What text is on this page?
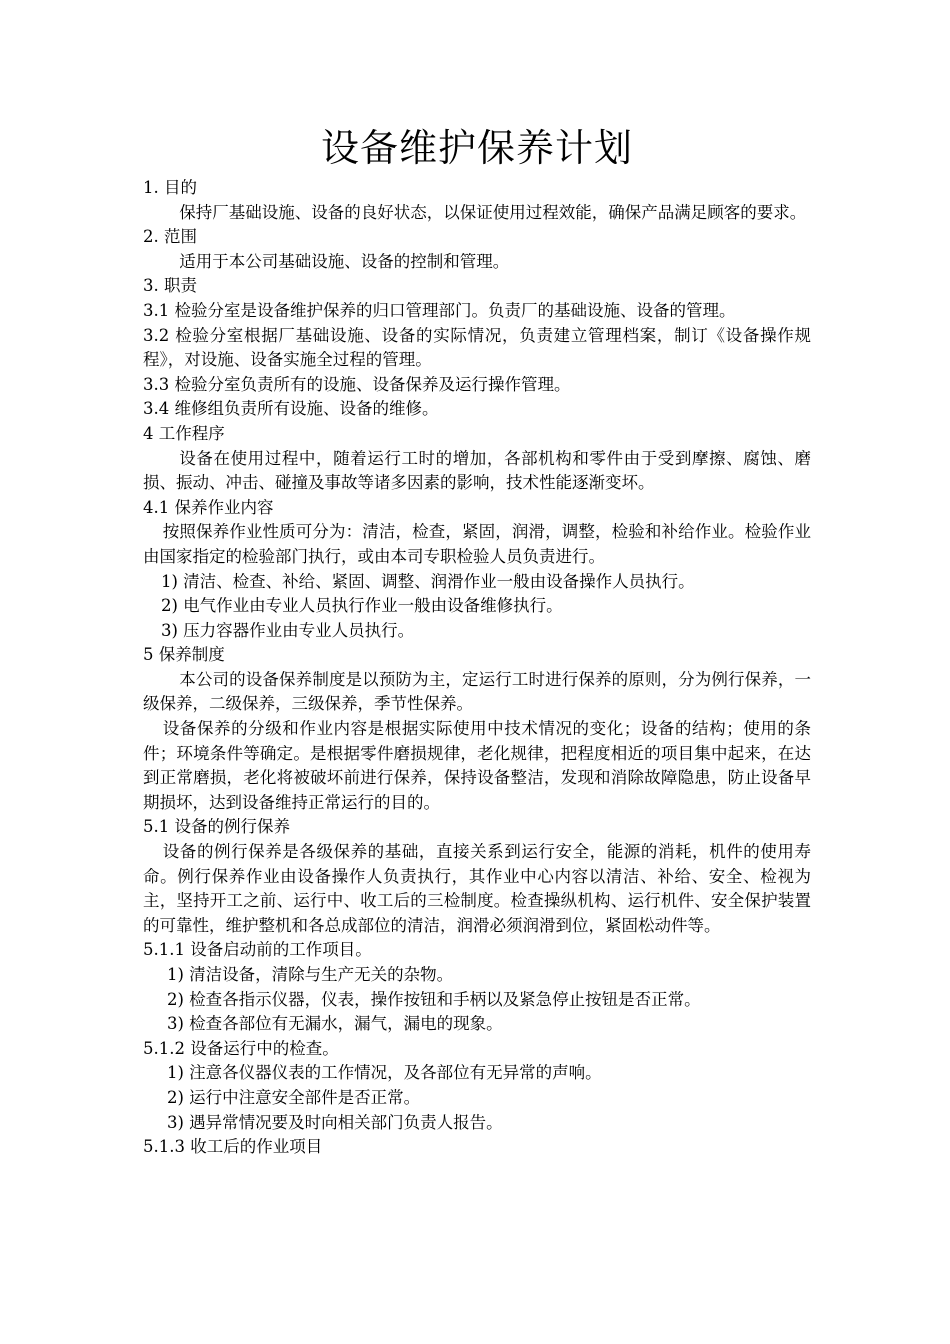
设备维护保养计划

1. 目的

保持厂基础设施、设备的良好状态，以保证使用过程效能，确保产品满足顾客的要求。

2. 范围

适用于本公司基础设施、设备的控制和管理。

3. 职责

3.1 检验分室是设备维护保养的归口管理部门。负责厂的基础设施、设备的管理。

3.2 检验分室根据厂基础设施、设备的实际情况，负责建立管理档案，制订《设备操作规程》，对设施、设备实施全过程的管理。

3.3 检验分室负责所有的设施、设备保养及运行操作管理。

3.4 维修组负责所有设施、设备的维修。

4 工作程序

设备在使用过程中，随着运行工时的增加，各部机构和零件由于受到摩擦、腐蚀、磨损、振动、冲击、碰撞及事故等诸多因素的影响，技术性能逐渐变坏。

4.1 保养作业内容

按照保养作业性质可分为：清洁，检查，紧固，润滑，调整，检验和补给作业。检验作业由国家指定的检验部门执行，或由本司专职检验人员负责进行。

1) 清洁、检查、补给、紧固、调整、润滑作业一般由设备操作人员执行。

2) 电气作业由专业人员执行作业一般由设备维修执行。

3) 压力容器作业由专业人员执行。

5 保养制度

本公司的设备保养制度是以预防为主，定运行工时进行保养的原则，分为例行保养，一级保养，二级保养，三级保养，季节性保养。

设备保养的分级和作业内容是根据实际使用中技术情况的变化；设备的结构；使用的条件；环境条件等确定。是根据零件磨损规律，老化规律，把程度相近的项目集中起来，在达到正常磨损，老化将被破坏前进行保养，保持设备整洁，发现和消除故障隐患，防止设备早期损坏，达到设备维持正常运行的目的。

5.1 设备的例行保养

设备的例行保养是各级保养的基础，直接关系到运行安全，能源的消耗，机件的使用寿命。例行保养作业由设备操作人负责执行，其作业中心内容以清洁、补给、安全、检视为主，坚持开工之前、运行中、收工后的三检制度。检查操纵机构、运行机件、安全保护装置的可靠性，维护整机和各总成部位的清洁，润滑必须润滑到位，紧固松动件等。

5.1.1 设备启动前的工作项目。

1) 清洁设备，清除与生产无关的杂物。

2) 检查各指示仪器，仪表，操作按钮和手柄以及紧急停止按钮是否正常。

3) 检查各部位有无漏水，漏气，漏电的现象。

5.1.2 设备运行中的检查。

1) 注意各仪器仪表的工作情况，及各部位有无异常的声响。

2) 运行中注意安全部件是否正常。

3) 遇异常情况要及时向相关部门负责人报告。

5.1.3 收工后的作业项目
